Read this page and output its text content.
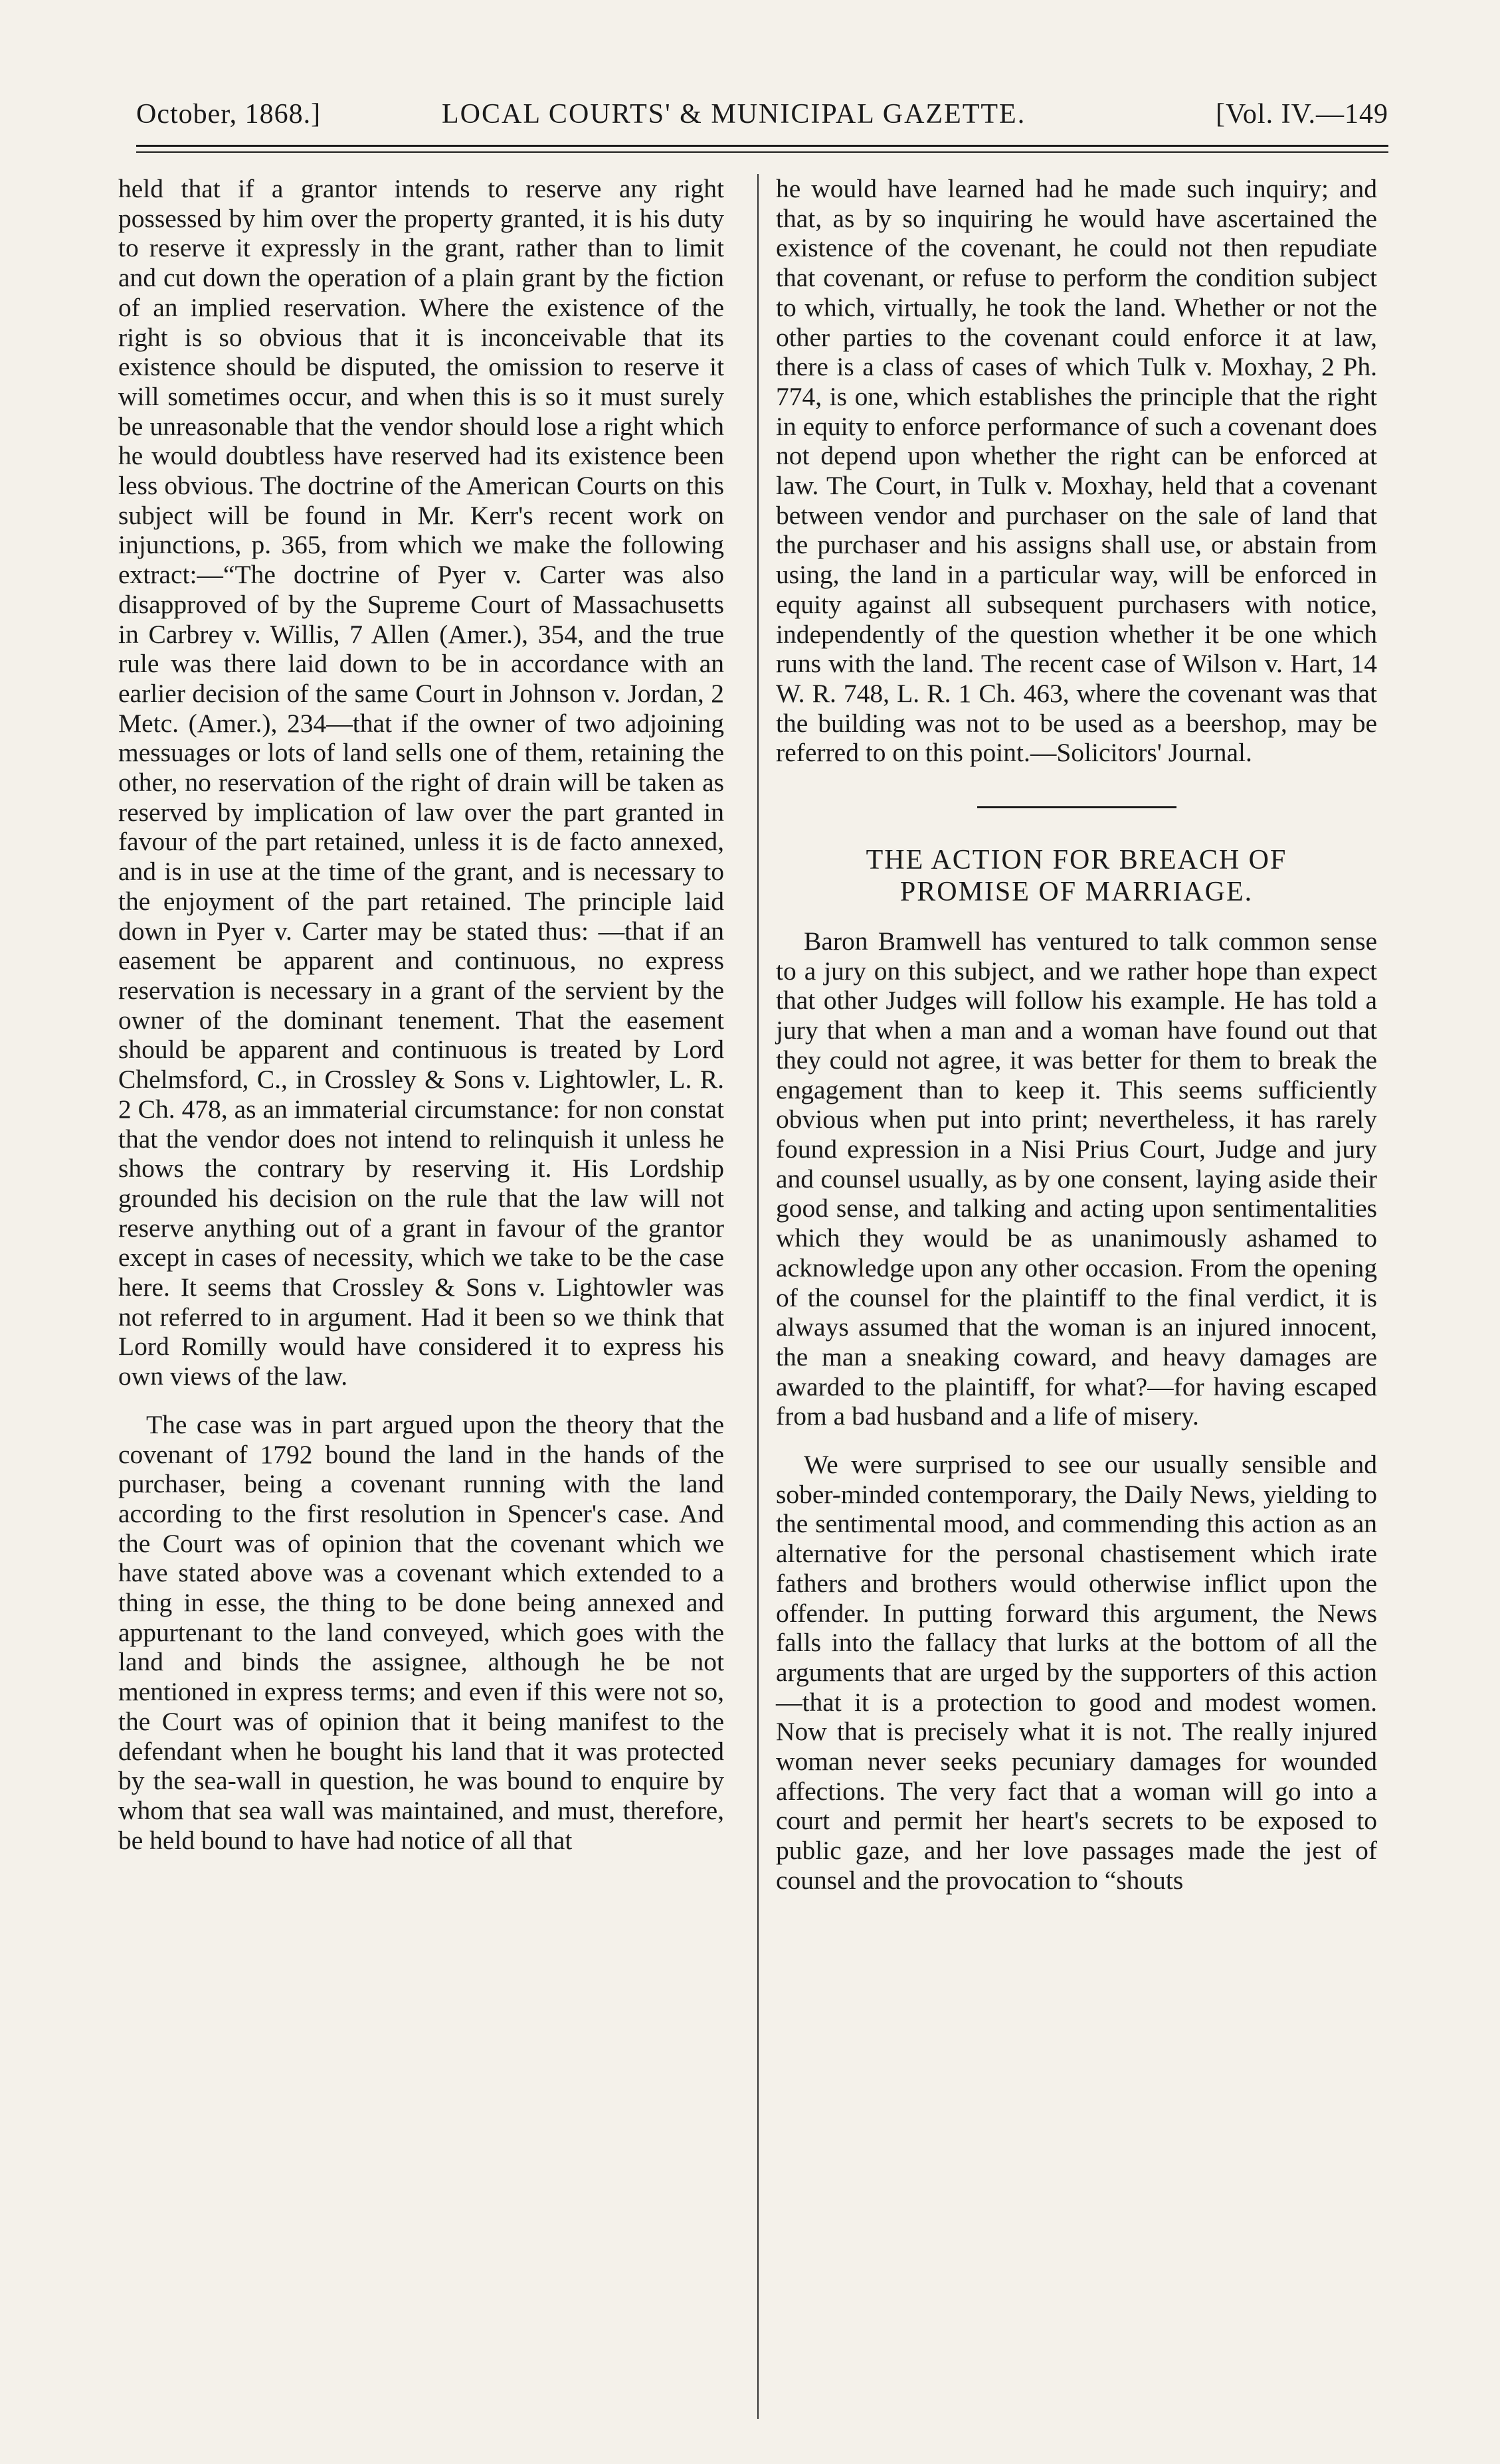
October, 1868.]	LOCAL COURTS' & MUNICIPAL GAZETTE.	[Vol. IV.—149

held that if a grantor intends to reserve any right possessed by him over the property granted, it is his duty to reserve it expressly in the grant, rather than to limit and cut down the operation of a plain grant by the fiction of an implied reservation. Where the existence of the right is so obvious that it is inconceivable that its existence should be disputed, the omission to reserve it will sometimes occur, and when this is so it must surely be unreasonable that the vendor should lose a right which he would doubtless have reserved had its existence been less obvious. The doctrine of the American Courts on this subject will be found in Mr. Kerr's recent work on injunctions, p. 365, from which we make the following extract:—“The doctrine of Pyer v. Carter was also disapproved of by the Supreme Court of Massachusetts in Carbrey v. Willis, 7 Allen (Amer.), 354, and the true rule was there laid down to be in accordance with an earlier decision of the same Court in Johnson v. Jordan, 2 Metc. (Amer.), 234—that if the owner of two adjoining messuages or lots of land sells one of them, retaining the other, no reservation of the right of drain will be taken as reserved by implication of law over the part granted in favour of the part retained, unless it is de facto annexed, and is in use at the time of the grant, and is necessary to the enjoyment of the part retained. The principle laid down in Pyer v. Carter may be stated thus: —that if an easement be apparent and continuous, no express reservation is necessary in a grant of the servient by the owner of the dominant tenement. That the easement should be apparent and continuous is treated by Lord Chelmsford, C., in Crossley & Sons v. Lightowler, L. R. 2 Ch. 478, as an immaterial circumstance: for non constat that the vendor does not intend to relinquish it unless he shows the contrary by reserving it. His Lordship grounded his decision on the rule that the law will not reserve anything out of a grant in favour of the grantor except in cases of necessity, which we take to be the case here. It seems that Crossley & Sons v. Lightowler was not referred to in argument. Had it been so we think that Lord Romilly would have considered it to express his own views of the law.

The case was in part argued upon the theory that the covenant of 1792 bound the land in the hands of the purchaser, being a covenant running with the land according to the first resolution in Spencer's case. And the Court was of opinion that the covenant which we have stated above was a covenant which extended to a thing in esse, the thing to be done being annexed and appurtenant to the land conveyed, which goes with the land and binds the assignee, although he be not mentioned in express terms; and even if this were not so, the Court was of opinion that it being manifest to the defendant when he bought his land that it was protected by the sea-wall in question, he was bound to enquire by whom that sea wall was maintained, and must, therefore, be held bound to have had notice of all that

he would have learned had he made such inquiry; and that, as by so inquiring he would have ascertained the existence of the covenant, he could not then repudiate that covenant, or refuse to perform the condition subject to which, virtually, he took the land. Whether or not the other parties to the covenant could enforce it at law, there is a class of cases of which Tulk v. Moxhay, 2 Ph. 774, is one, which establishes the principle that the right in equity to enforce performance of such a covenant does not depend upon whether the right can be enforced at law. The Court, in Tulk v. Moxhay, held that a covenant between vendor and purchaser on the sale of land that the purchaser and his assigns shall use, or abstain from using, the land in a particular way, will be enforced in equity against all subsequent purchasers with notice, independently of the question whether it be one which runs with the land. The recent case of Wilson v. Hart, 14 W. R. 748, L. R. 1 Ch. 463, where the covenant was that the building was not to be used as a beershop, may be referred to on this point.—Solicitors' Journal.

THE ACTION FOR BREACH OF
PROMISE OF MARRIAGE.

Baron Bramwell has ventured to talk common sense to a jury on this subject, and we rather hope than expect that other Judges will follow his example. He has told a jury that when a man and a woman have found out that they could not agree, it was better for them to break the engagement than to keep it. This seems sufficiently obvious when put into print; nevertheless, it has rarely found expression in a Nisi Prius Court, Judge and jury and counsel usually, as by one consent, laying aside their good sense, and talking and acting upon sentimentalities which they would be as unanimously ashamed to acknowledge upon any other occasion. From the opening of the counsel for the plaintiff to the final verdict, it is always assumed that the woman is an injured innocent, the man a sneaking coward, and heavy damages are awarded to the plaintiff, for what?—for having escaped from a bad husband and a life of misery.

We were surprised to see our usually sensible and sober-minded contemporary, the Daily News, yielding to the sentimental mood, and commending this action as an alternative for the personal chastisement which irate fathers and brothers would otherwise inflict upon the offender. In putting forward this argument, the News falls into the fallacy that lurks at the bottom of all the arguments that are urged by the supporters of this action—that it is a protection to good and modest women. Now that is precisely what it is not. The really injured woman never seeks pecuniary damages for wounded affections. The very fact that a woman will go into a court and permit her heart's secrets to be exposed to public gaze, and her love passages made the jest of counsel and the provocation to “shouts
